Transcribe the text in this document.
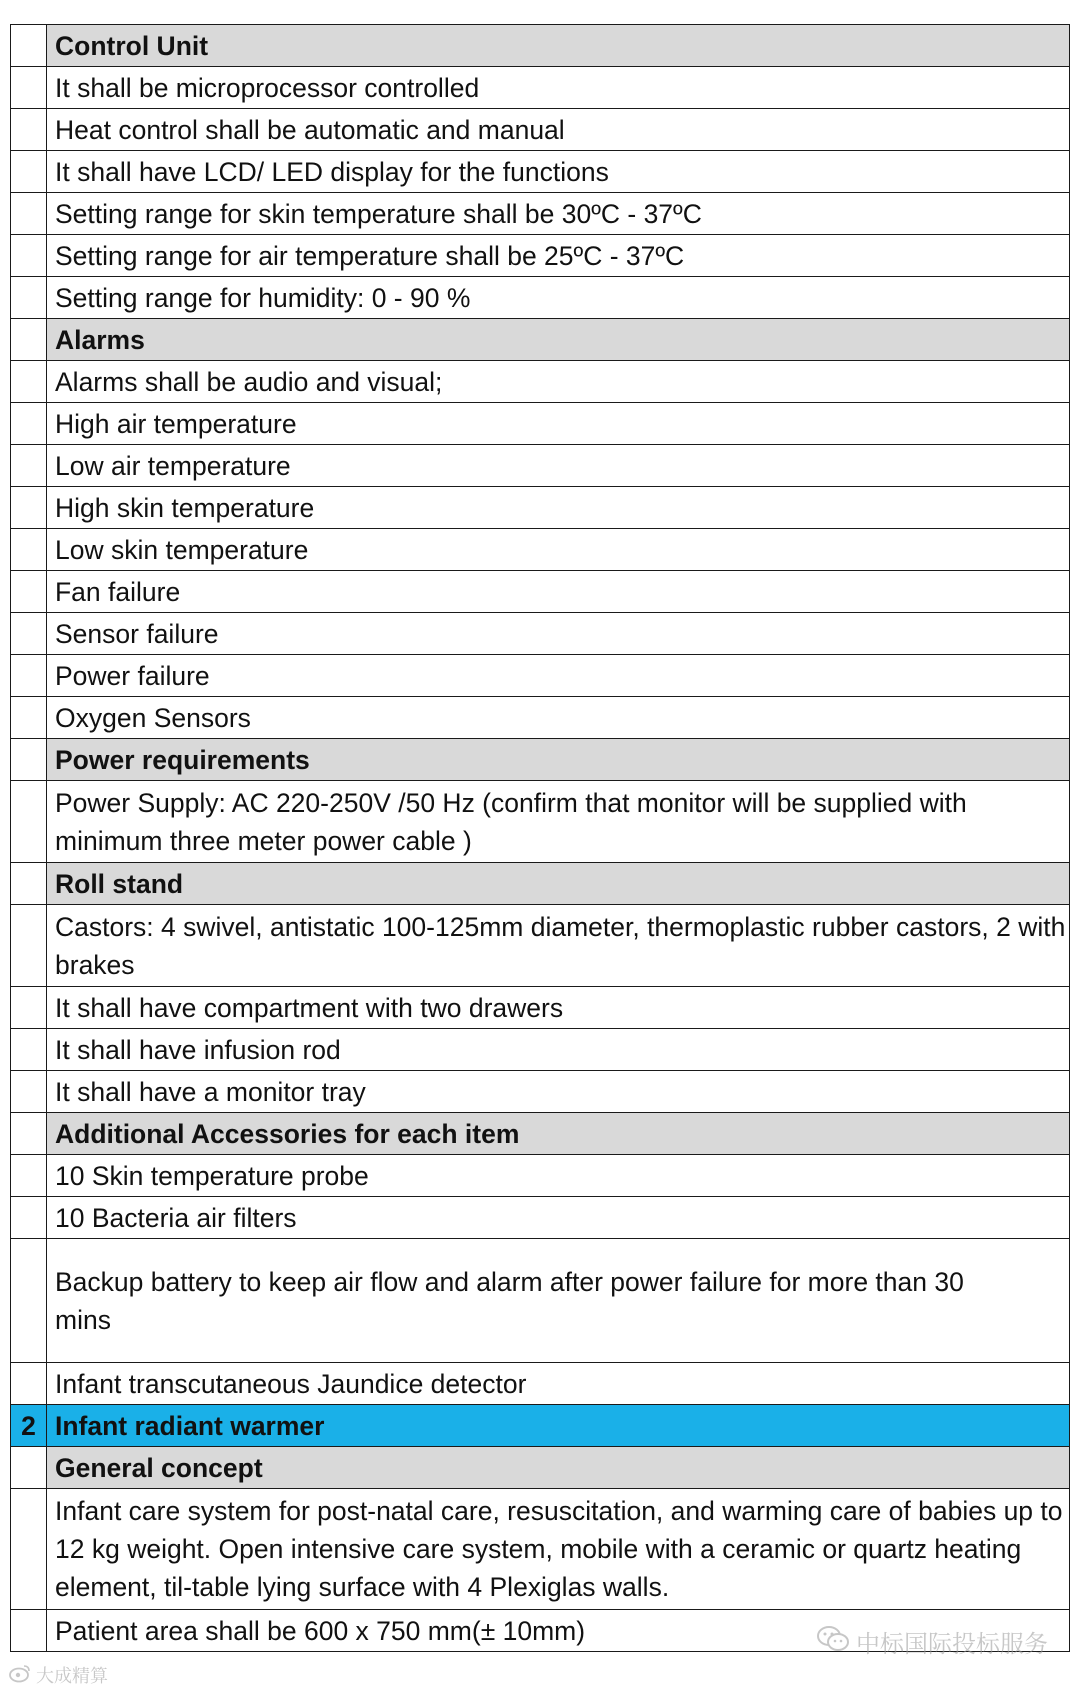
	Control Unit
	It shall be microprocessor controlled
	Heat control shall be automatic and manual
	It shall have LCD/ LED display for the functions
	Setting range for skin temperature shall be 30ºC - 37ºC
	Setting range for air temperature shall be 25ºC - 37ºC
	Setting range for humidity: 0 - 90 %
	Alarms
	Alarms shall be audio and visual;
	High air temperature
	Low air temperature
	High skin temperature
	Low skin temperature
	Fan failure
	Sensor failure
	Power failure
	Oxygen Sensors
	Power requirements
	Power Supply: AC 220-250V /50 Hz (confirm that monitor will be supplied with minimum three meter power cable )
	Roll stand
	Castors: 4 swivel, antistatic 100-125mm diameter, thermoplastic rubber castors, 2 with brakes
	It shall have compartment with two drawers
	It shall have infusion rod
	It shall have a monitor tray
	Additional Accessories for each item
	10 Skin temperature probe
	10 Bacteria air filters
	Backup battery to keep air flow and alarm after power failure for more than 30
mins
	Infant transcutaneous Jaundice detector
2	Infant radiant warmer
	General concept
	Infant care system for post-natal care, resuscitation, and warming care of babies up to 12 kg weight. Open intensive care system, mobile with a ceramic or quartz heating element, til-table lying surface with 4 Plexiglas walls.
	Patient area shall be 600 x 750 mm(± 10mm)	中标国际投标服务
大成精算
